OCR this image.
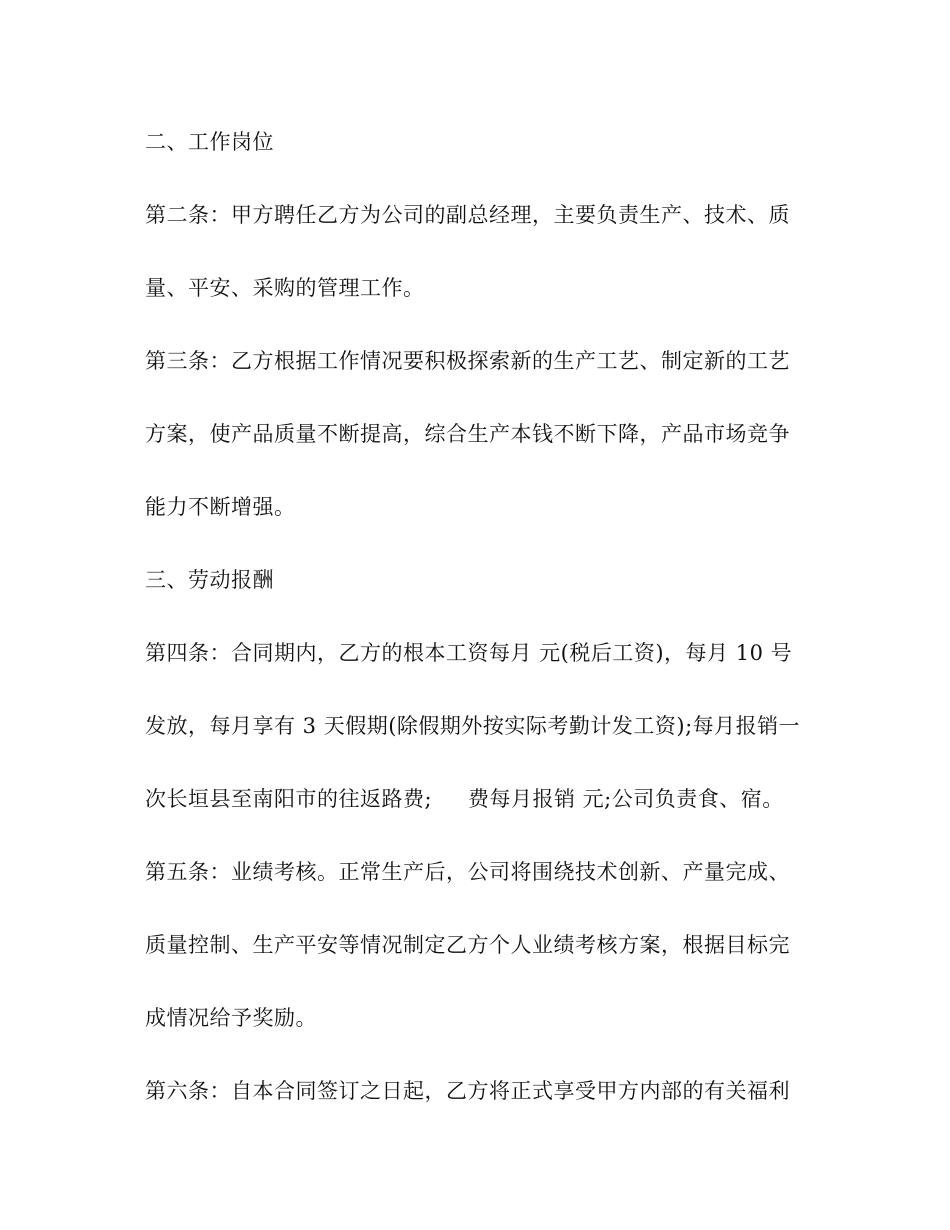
二、工作岗位
第二条：甲方聘任乙方为公司的副总经理，主要负责生产、技术、质
量、平安、采购的管理工作。
第三条：乙方根据工作情况要积极探索新的生产工艺、制定新的工艺
方案，使产品质量不断提高，综合生产本钱不断下降，产品市场竞争
能力不断增强。
三、劳动报酬
第四条：合同期内，乙方的根本工资每月 元(税后工资)，每月 10 号
发放，每月享有 3 天假期(除假期外按实际考勤计发工资);每月报销一
次长垣县至南阳市的往返路费;     费每月报销 元;公司负责食、宿。
第五条：业绩考核。正常生产后，公司将围绕技术创新、产量完成、
质量控制、生产平安等情况制定乙方个人业绩考核方案，根据目标完
成情况给予奖励。
第六条：自本合同签订之日起，乙方将正式享受甲方内部的有关福利
